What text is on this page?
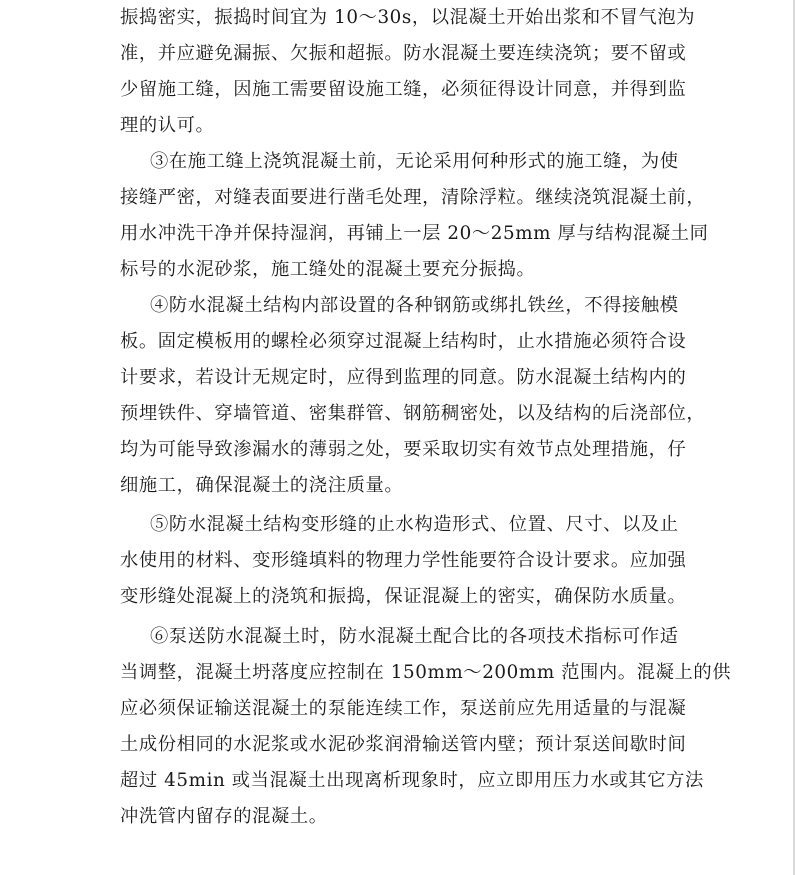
振捣密实，振捣时间宜为 10～30s，以混凝土开始出浆和不冒气泡为
准，并应避免漏振、欠振和超振。防水混凝土要连续浇筑；要不留或
少留施工缝，因施工需要留设施工缝，必须征得设计同意，并得到监
理的认可。
③在施工缝上浇筑混凝土前，无论采用何种形式的施工缝，为使
接缝严密，对缝表面要进行凿毛处理，清除浮粒。继续浇筑混凝土前，
用水冲洗干净并保持湿润，再铺上一层 20～25mm 厚与结构混凝土同
标号的水泥砂浆，施工缝处的混凝土要充分振捣。
④防水混凝土结构内部设置的各种钢筋或绑扎铁丝，不得接触模
板。固定模板用的螺栓必须穿过混凝上结构时，止水措施必须符合设
计要求，若设计无规定时，应得到监理的同意。防水混凝土结构内的
预埋铁件、穿墙管道、密集群管、钢筋稠密处，以及结构的后浇部位，
均为可能导致渗漏水的薄弱之处，要采取切实有效节点处理措施，仔
细施工，确保混凝土的浇注质量。
⑤防水混凝土结构变形缝的止水构造形式、位置、尺寸、以及止
水使用的材料、变形缝填料的物理力学性能要符合设计要求。应加强
变形缝处混凝上的浇筑和振捣，保证混凝上的密实，确保防水质量。
⑥泵送防水混凝土时，防水混凝土配合比的各项技术指标可作适
当调整，混凝土坍落度应控制在 150mm～200mm 范围内。混凝上的供
应必须保证输送混凝土的泵能连续工作，泵送前应先用适量的与混凝
土成份相同的水泥浆或水泥砂浆润滑输送管内壁；预计泵送间歇时间
超过 45min 或当混凝土出现离析现象时，应立即用压力水或其它方法
冲洗管内留存的混凝土。
